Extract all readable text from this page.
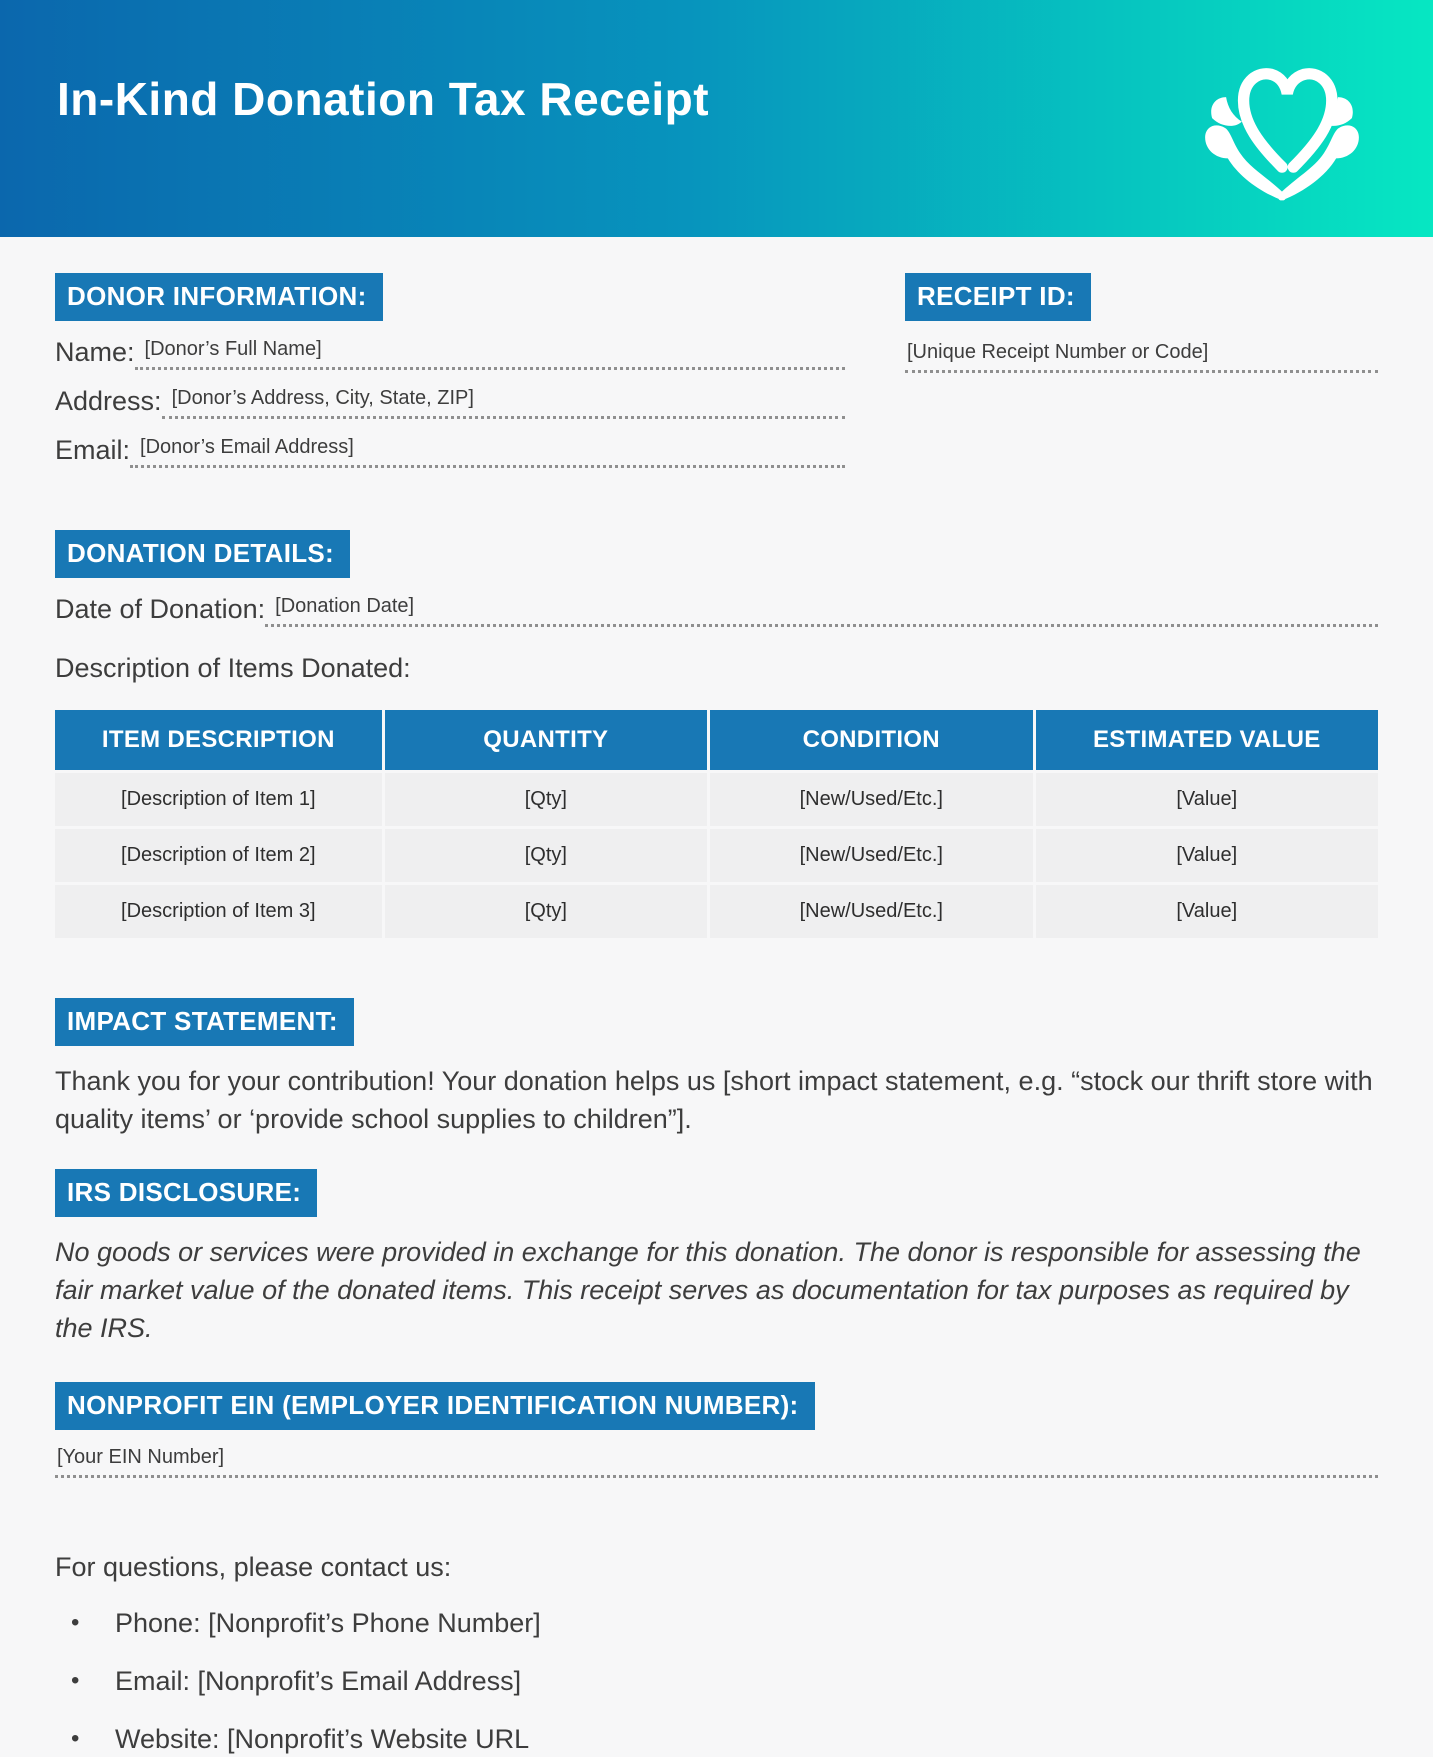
In-Kind Donation Tax Receipt
DONOR INFORMATION:
Name: [Donor’s Full Name]
Address: [Donor’s Address, City, State, ZIP]
Email: [Donor’s Email Address]
RECEIPT ID:
[Unique Receipt Number or Code]
DONATION DETAILS:
Date of Donation: [Donation Date]
Description of Items Donated:
ITEM DESCRIPTION	QUANTITY	CONDITION	ESTIMATED VALUE
[Description of Item 1]	[Qty]	[New/Used/Etc.]	[Value]
[Description of Item 2]	[Qty]	[New/Used/Etc.]	[Value]
[Description of Item 3]	[Qty]	[New/Used/Etc.]	[Value]
IMPACT STATEMENT:
Thank you for your contribution! Your donation helps us [short impact statement, e.g. “stock our thrift store with quality items’ or ‘provide school supplies to children”].
IRS DISCLOSURE:
No goods or services were provided in exchange for this donation. The donor is responsible for assessing the fair market value of the donated items. This receipt serves as documentation for tax purposes as required by the IRS.
NONPROFIT EIN (EMPLOYER IDENTIFICATION NUMBER):
[Your EIN Number]
For questions, please contact us:
•	Phone: [Nonprofit’s Phone Number]
•	Email: [Nonprofit’s Email Address]
•	Website: [Nonprofit’s Website URL
